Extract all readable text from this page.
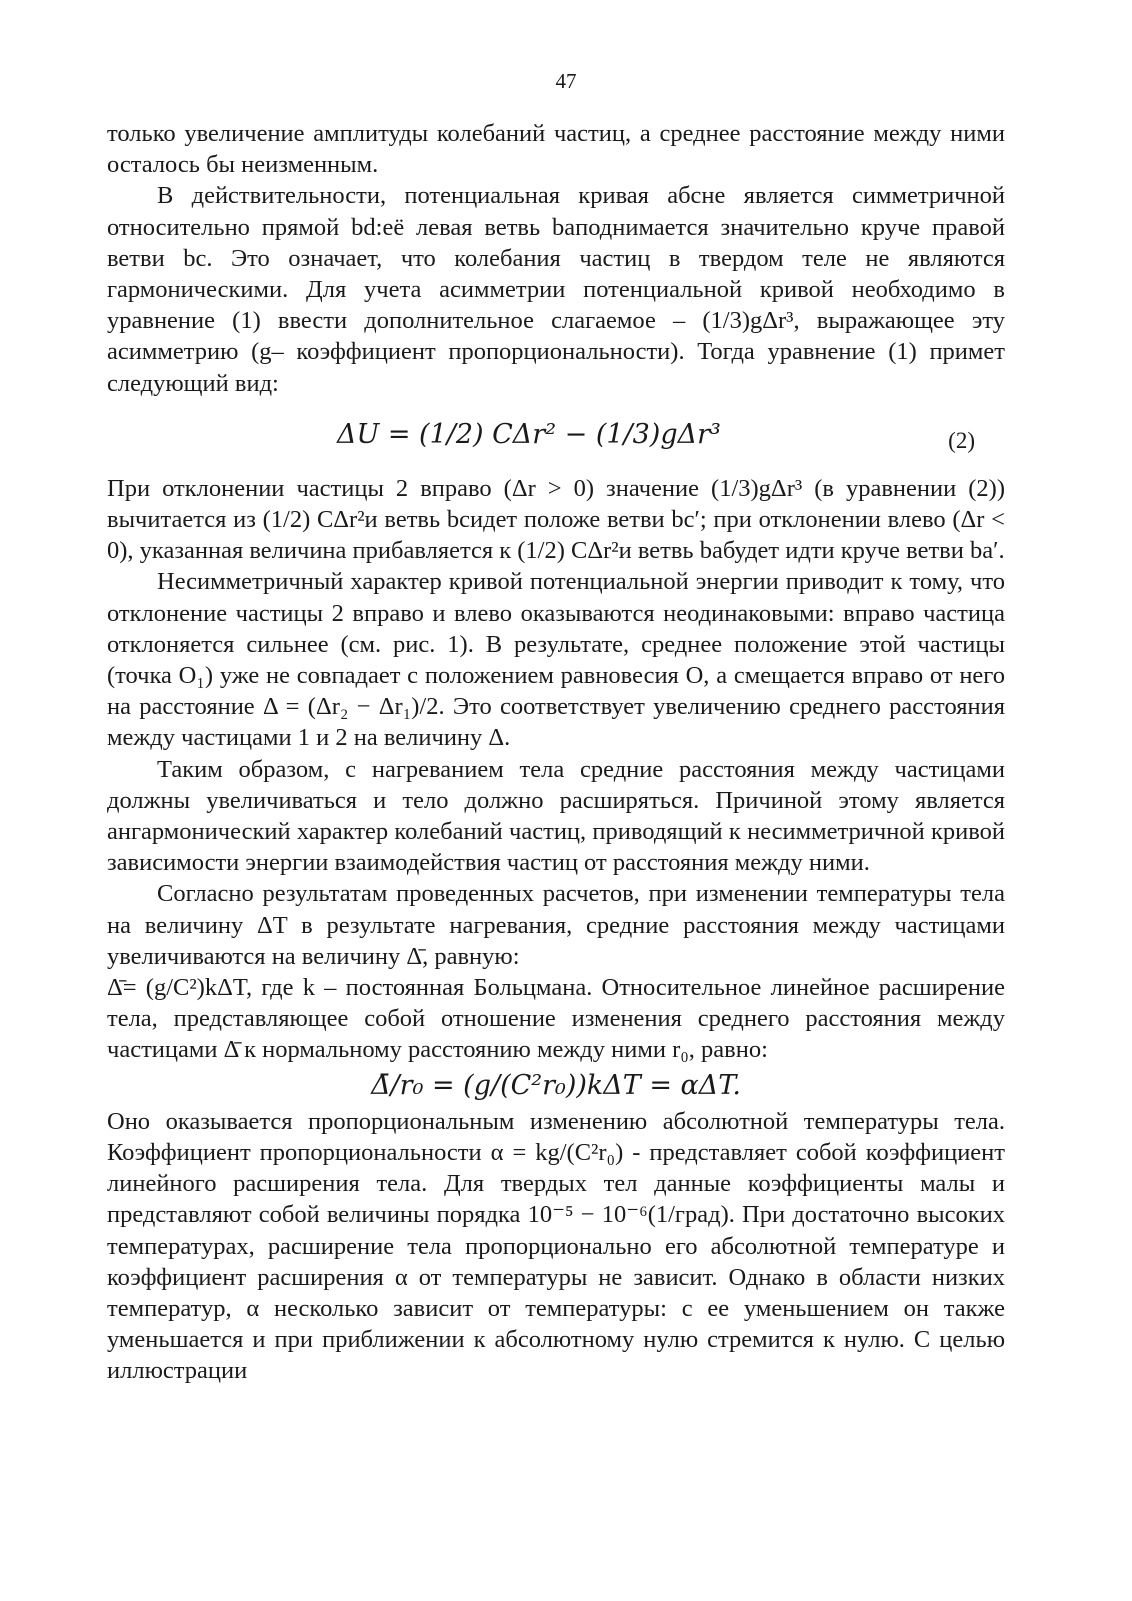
47

только увеличение амплитуды колебаний частиц, а среднее расстояние между ними осталось бы неизменным.

В действительности, потенциальная кривая абсне является симметричной относительно прямой bd:её левая ветвь baподнимается значительно круче правой ветви bc. Это означает, что колебания частиц в твердом теле не являются гармоническими. Для учета асимметрии потенциальной кривой необходимо в уравнение (1) ввести дополнительное слагаемое – (1/3)gΔr³, выражающее эту асимметрию (g– коэффициент пропорциональности). Тогда уравнение (1) примет следующий вид:

ΔU = (1/2) CΔr² − (1/3)gΔr³	(2)

При отклонении частицы 2 вправо (Δr > 0) значение (1/3)gΔr³ (в уравнении (2)) вычитается из (1/2) CΔr²и ветвь bcидет положе ветви bc′; при отклонении влево (Δr < 0), указанная величина прибавляется к (1/2) CΔr²и ветвь baбудет идти круче ветви ba′.

Несимметричный характер кривой потенциальной энергии приводит к тому, что отклонение частицы 2 вправо и влево оказываются неодинаковыми: вправо частица отклоняется сильнее (см. рис. 1). В результате, среднее положение этой частицы (точка O₁) уже не совпадает с положением равновесия O, а смещается вправо от него на расстояние Δ = (Δr₂ − Δr₁)/2. Это соответствует увеличению среднего расстояния между частицами 1 и 2 на величину Δ.

Таким образом, с нагреванием тела средние расстояния между частицами должны увеличиваться и тело должно расширяться. Причиной этому является ангармонический характер колебаний частиц, приводящий к несимметричной кривой зависимости энергии взаимодействия частиц от расстояния между ними.

Согласно результатам проведенных расчетов, при изменении температуры тела на величину ΔT в результате нагревания, средние расстояния между частицами увеличиваются на величину Δ̄, равную:

Δ̄= (g/C²)kΔT, где k – постоянная Больцмана. Относительное линейное расширение тела, представляющее собой отношение изменения среднего расстояния между частицами Δ̄ к нормальному расстоянию между ними r₀, равно:

Δ̄/r₀ = (g/(C²r₀))kΔT = αΔT.

Оно оказывается пропорциональным изменению абсолютной температуры тела. Коэффициент пропорциональности α = kg/(C²r₀) - представляет собой коэффициент линейного расширения тела. Для твердых тел данные коэффициенты малы и представляют собой величины порядка 10⁻⁵ − 10⁻⁶(1/град). При достаточно высоких температурах, расширение тела пропорционально его абсолютной температуре и коэффициент расширения α от температуры не зависит. Однако в области низких температур, α несколько зависит от температуры: с ее уменьшением он также уменьшается и при приближении к абсолютному нулю стремится к нулю. С целью иллюстрации
